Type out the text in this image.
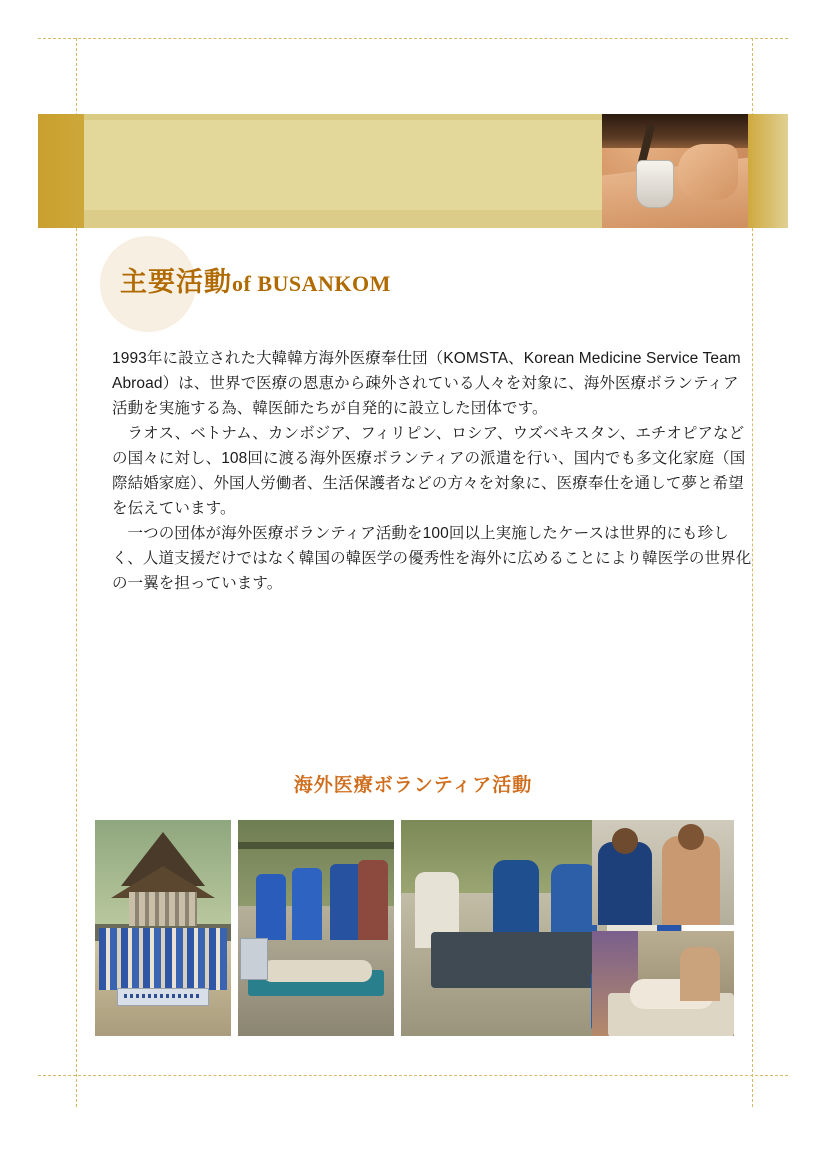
主要活動of BUSANKOM

1993年に設立された大韓韓方海外医療奉仕団（KOMSTA、Korean Medicine Service Team Abroad）は、世界で医療の恩恵から疎外されている人々を対象に、海外医療ボランティア活動を実施する為、韓医師たちが自発的に設立した団体です。

ラオス、ベトナム、カンボジア、フィリピン、ロシア、ウズベキスタン、エチオピアなどの国々に対し、108回に渡る海外医療ボランティアの派遣を行い、国内でも多文化家庭（国際結婚家庭）、外国人労働者、生活保護者などの方々を対象に、医療奉仕を通して夢と希望を伝えています。

一つの団体が海外医療ボランティア活動を100回以上実施したケースは世界的にも珍しく、人道支援だけではなく韓国の韓医学の優秀性を海外に広めることにより韓医学の世界化の一翼を担っています。

海外医療ボランティア活動
